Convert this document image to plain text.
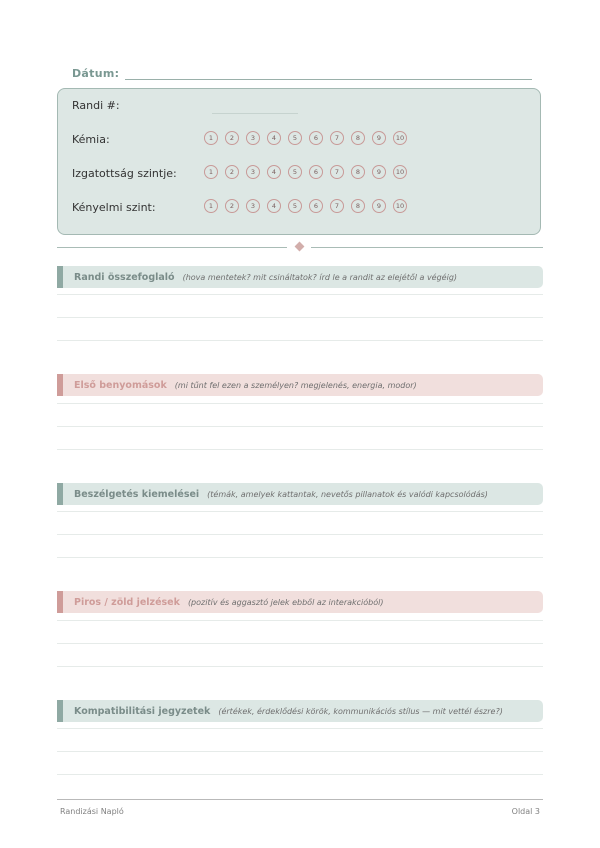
Dátum:
Randi #:
Kémia:	1	2	3	4	5	6	7	8	9	10
Izgatottság szintje:	1	2	3	4	5	6	7	8	9	10
Kényelmi szint:	1	2	3	4	5	6	7	8	9	10
Randi összefoglaló (hova mentetek? mit csináltatok? írd le a randit az elejétől a végéig)
Első benyomások (mi tűnt fel ezen a személyen? megjelenés, energia, modor)
Beszélgetés kiemelései (témák, amelyek kattantak, nevetős pillanatok és valódi kapcsolódás)
Piros / zöld jelzések (pozitív és aggasztó jelek ebből az interakcióból)
Kompatibilitási jegyzetek (értékek, érdeklődési körök, kommunikációs stílus — mit vettél észre?)
Randizási Napló	Oldal 3
